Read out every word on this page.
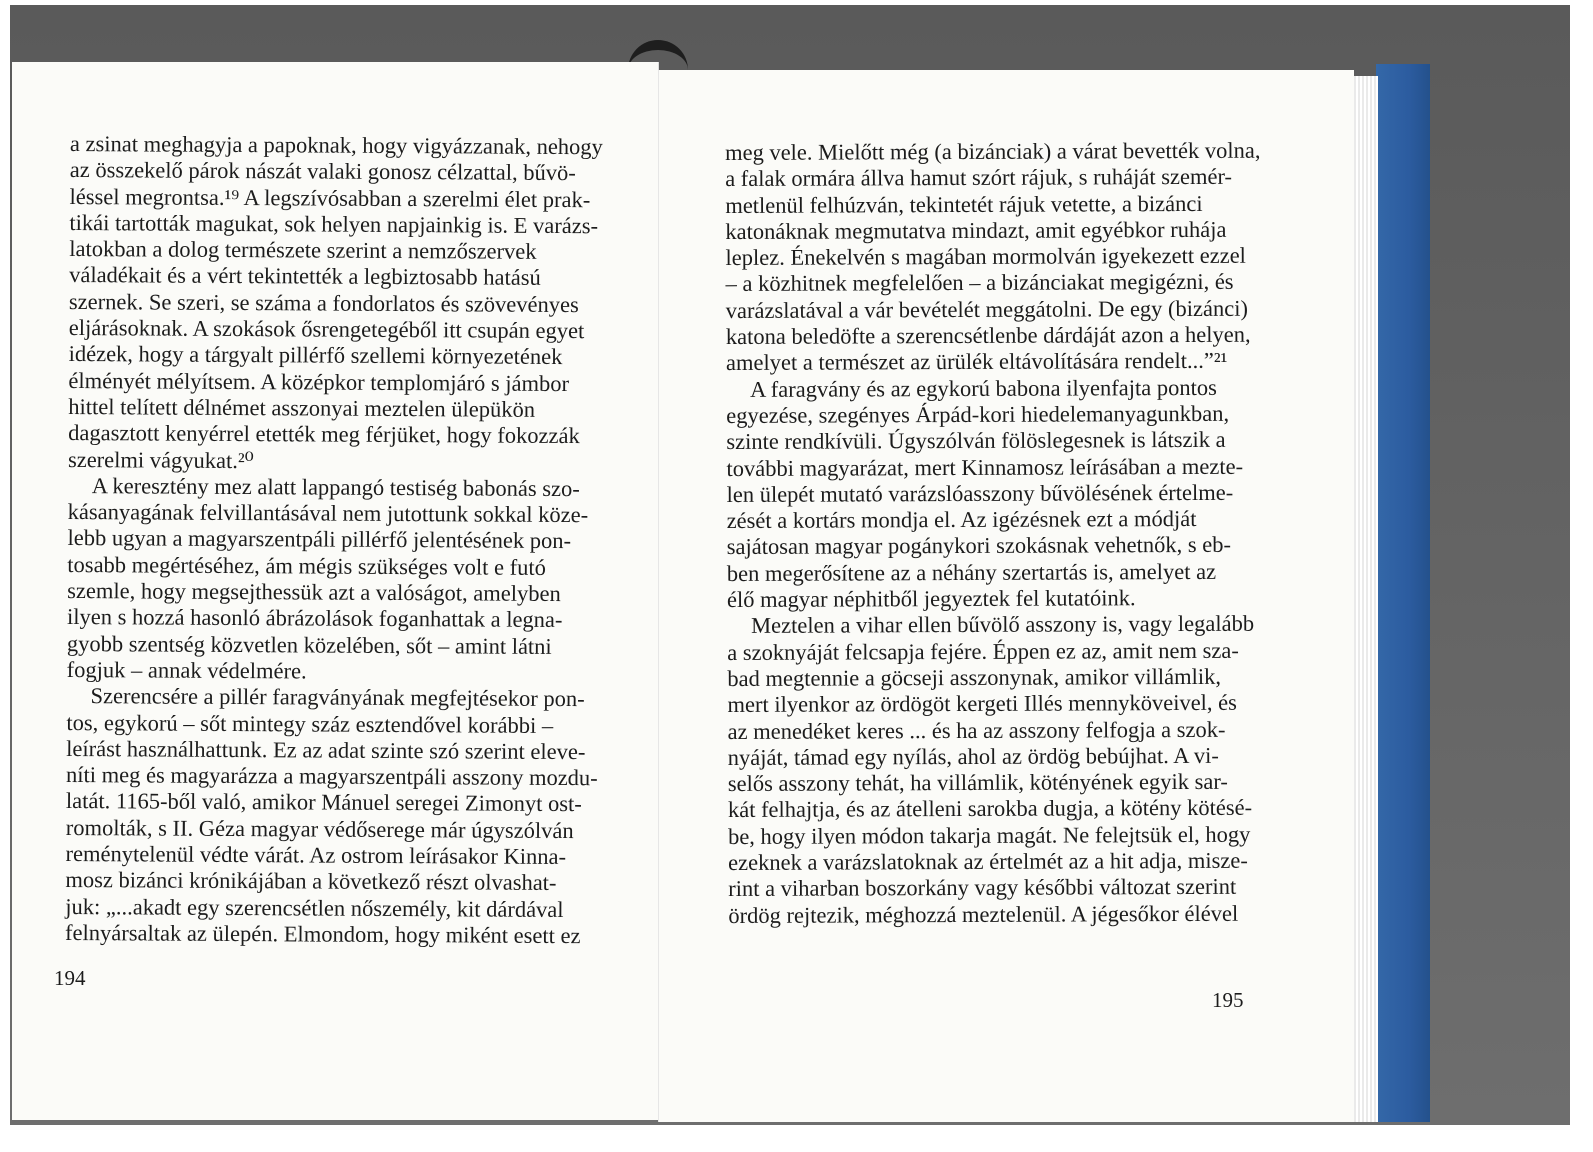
a zsinat meghagyja a papoknak, hogy vigyázzanak, nehogy
az összekelő párok nászát valaki gonosz célzattal, bűvö-
léssel megrontsa.¹⁹ A legszívósabban a szerelmi élet prak-
tikái tartották magukat, sok helyen napjainkig is. E varázs-
latokban a dolog természete szerint a nemzőszervek
váladékait és a vért tekintették a legbiztosabb hatású
szernek. Se szeri, se száma a fondorlatos és szövevényes
eljárásoknak. A szokások ősrengetegéből itt csupán egyet
idézek, hogy a tárgyalt pillérfő szellemi környezetének
élményét mélyítsem. A középkor templomjáró s jámbor
hittel telített délnémet asszonyai meztelen ülepükön
dagasztott kenyérrel etették meg férjüket, hogy fokozzák
szerelmi vágyukat.²⁰
A keresztény mez alatt lappangó testiség babonás szo-
kásanyagának felvillantásával nem jutottunk sokkal köze-
lebb ugyan a magyarszentpáli pillérfő jelentésének pon-
tosabb megértéséhez, ám mégis szükséges volt e futó
szemle, hogy megsejthessük azt a valóságot, amelyben
ilyen s hozzá hasonló ábrázolások foganhattak a legna-
gyobb szentség közvetlen közelében, sőt – amint látni
fogjuk – annak védelmére.
Szerencsére a pillér faragványának megfejtésekor pon-
tos, egykorú – sőt mintegy száz esztendővel korábbi –
leírást használhattunk. Ez az adat szinte szó szerint eleve-
níti meg és magyarázza a magyarszentpáli asszony mozdu-
latát. 1165-ből való, amikor Mánuel seregei Zimonyt ost-
romolták, s II. Géza magyar védőserege már úgyszólván
reménytelenül védte várát. Az ostrom leírásakor Kinna-
mosz bizánci krónikájában a következő részt olvashat-
juk: „...akadt egy szerencsétlen nőszemély, kit dárdával
felnyársaltak az ülepén. Elmondom, hogy miként esett ez
194
meg vele. Mielőtt még (a bizánciak) a várat bevették volna,
a falak ormára állva hamut szórt rájuk, s ruháját szemér-
metlenül felhúzván, tekintetét rájuk vetette, a bizánci
katonáknak megmutatva mindazt, amit egyébkor ruhája
leplez. Énekelvén s magában mormolván igyekezett ezzel
– a közhitnek megfelelően – a bizánciakat megigézni, és
varázslatával a vár bevételét meggátolni. De egy (bizánci)
katona beledöfte a szerencsétlenbe dárdáját azon a helyen,
amelyet a természet az ürülék eltávolítására rendelt...”²¹
A faragvány és az egykorú babona ilyenfajta pontos
egyezése, szegényes Árpád-kori hiedelemanyagunkban,
szinte rendkívüli. Úgyszólván fölöslegesnek is látszik a
további magyarázat, mert Kinnamosz leírásában a mezte-
len ülepét mutató varázslóasszony bűvölésének értelme-
zését a kortárs mondja el. Az igézésnek ezt a módját
sajátosan magyar pogánykori szokásnak vehetnők, s eb-
ben megerősítene az a néhány szertartás is, amelyet az
élő magyar néphitből jegyeztek fel kutatóink.
Meztelen a vihar ellen bűvölő asszony is, vagy legalább
a szoknyáját felcsapja fejére. Éppen ez az, amit nem sza-
bad megtennie a göcseji asszonynak, amikor villámlik,
mert ilyenkor az ördögöt kergeti Illés mennyköveivel, és
az menedéket keres ... és ha az asszony felfogja a szok-
nyáját, támad egy nyílás, ahol az ördög bebújhat. A vi-
selős asszony tehát, ha villámlik, kötényének egyik sar-
kát felhajtja, és az átelleni sarokba dugja, a kötény kötésé-
be, hogy ilyen módon takarja magát. Ne felejtsük el, hogy
ezeknek a varázslatoknak az értelmét az a hit adja, misze-
rint a viharban boszorkány vagy későbbi változat szerint
ördög rejtezik, méghozzá meztelenül. A jégesőkor élével
195
